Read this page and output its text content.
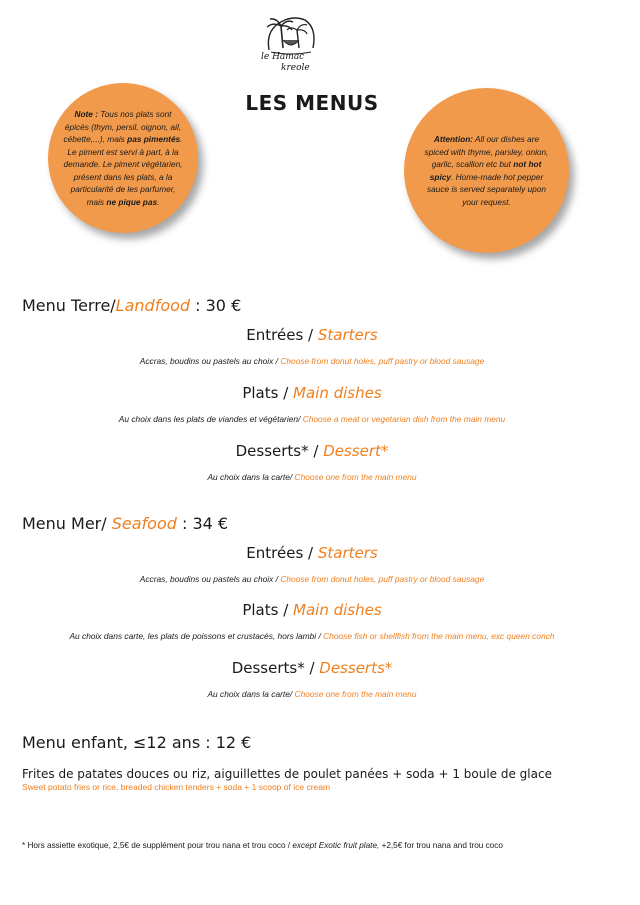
le Hamac
kreole
LES MENUS
Note : Tous nos plats sont épicés (thym, persil, oignon, ail, cébette,...), mais pas pimentés. Le piment est servi à part, à la demande. Le piment végétarien, présent dans les plats, a la particularité de les parfumer, mais ne pique pas.
Attention: All our dishes are spiced with thyme, parsley, onion, garlic, scallion etc but not hot spicy. Home-made hot pepper sauce is served separately upon your request.
Menu Terre/Landfood : 30 €
Entrées / Starters
Accras, boudins ou pastels au choix / Choose from donut holes, puff pastry or blood sausage
Plats / Main dishes
Au choix dans les plats de viandes et végétarien/ Choose a meat or vegetarian dish from the main menu
Desserts* / Dessert*
Au choix dans la carte/ Choose one from the main menu
Menu Mer/ Seafood : 34 €
Entrées / Starters
Accras, boudins ou pastels au choix / Choose from donut holes, puff pastry or blood sausage
Plats / Main dishes
Au choix dans carte, les plats de poissons et crustacés, hors lambi / Choose fish or shellfish from the main menu, exc queen conch
Desserts* / Desserts*
Au choix dans la carte/ Choose one from the main menu
Menu enfant, ≤12 ans : 12 €
Frites de patates douces ou riz, aiguillettes de poulet panées + soda + 1 boule de glace
Sweet potato fries or rice, breaded chicken tenders + soda + 1 scoop of ice cream
* Hors assiette exotique, 2,5€ de supplément pour trou nana et trou coco / except Exotic fruit plate, +2,5€ for trou nana and trou coco
